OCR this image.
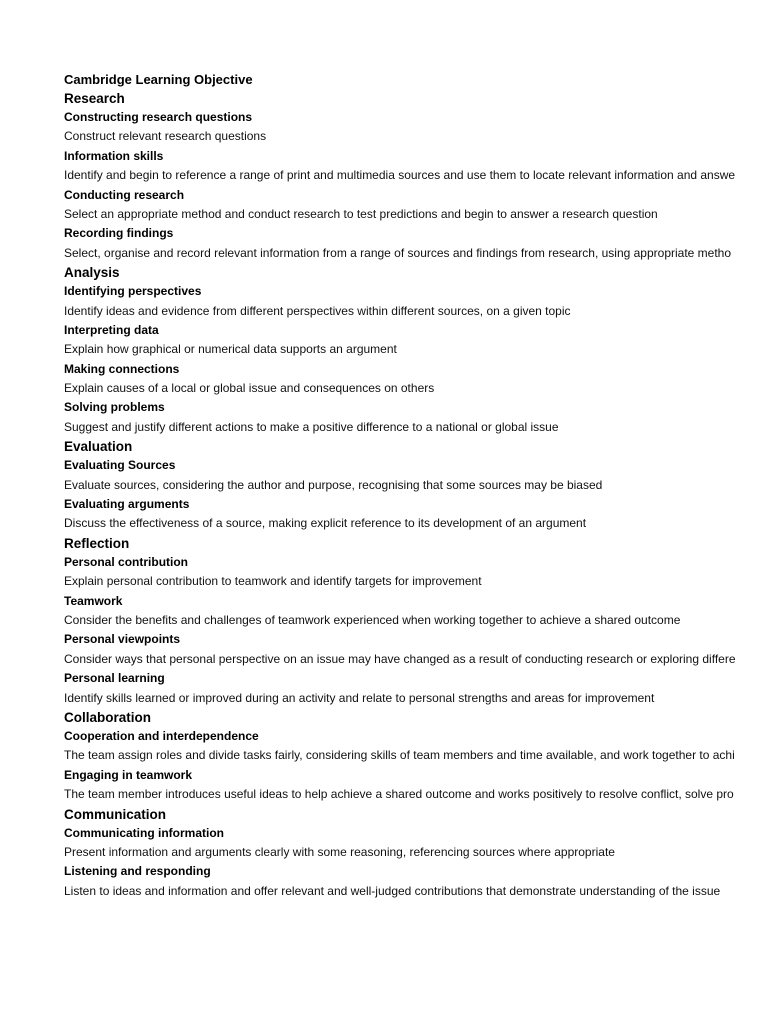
Cambridge Learning Objective
Research
Constructing research questions
Construct relevant research questions
Information skills
Identify and begin to reference a range of print and multimedia sources and use them to locate relevant information and answe
Conducting research
Select an appropriate method and conduct research to test predictions and begin to answer a research question
Recording findings
Select, organise and record relevant information from a range of sources and findings from research, using appropriate metho
Analysis
Identifying perspectives
Identify ideas and evidence from different perspectives within different sources, on a given topic
Interpreting data
Explain how graphical or numerical data supports an argument
Making connections
Explain causes of a local or global issue and consequences on others
Solving problems
Suggest and justify different actions to make a positive difference to a national or global issue
Evaluation
Evaluating Sources
Evaluate sources, considering the author and purpose, recognising that some sources may be biased
Evaluating arguments
Discuss the effectiveness of a source, making explicit reference to its development of an argument
Reflection
Personal contribution
Explain personal contribution to teamwork and identify targets for improvement
Teamwork
Consider the benefits and challenges of teamwork experienced when working together to achieve a shared outcome
Personal viewpoints
Consider ways that personal perspective on an issue may have changed as a result of conducting research or exploring differe
Personal learning
Identify skills learned or improved during an activity and relate to personal strengths and areas for improvement
Collaboration
Cooperation and interdependence
The team assign roles and divide tasks fairly, considering skills of team members and time available, and work together to achi
Engaging in teamwork
The team member introduces useful ideas to help achieve a shared outcome and works positively to resolve conflict, solve pro
Communication
Communicating information
Present information and arguments clearly with some reasoning, referencing sources where appropriate
Listening and responding
Listen to ideas and information and offer relevant and well-judged contributions that demonstrate understanding of the issue
